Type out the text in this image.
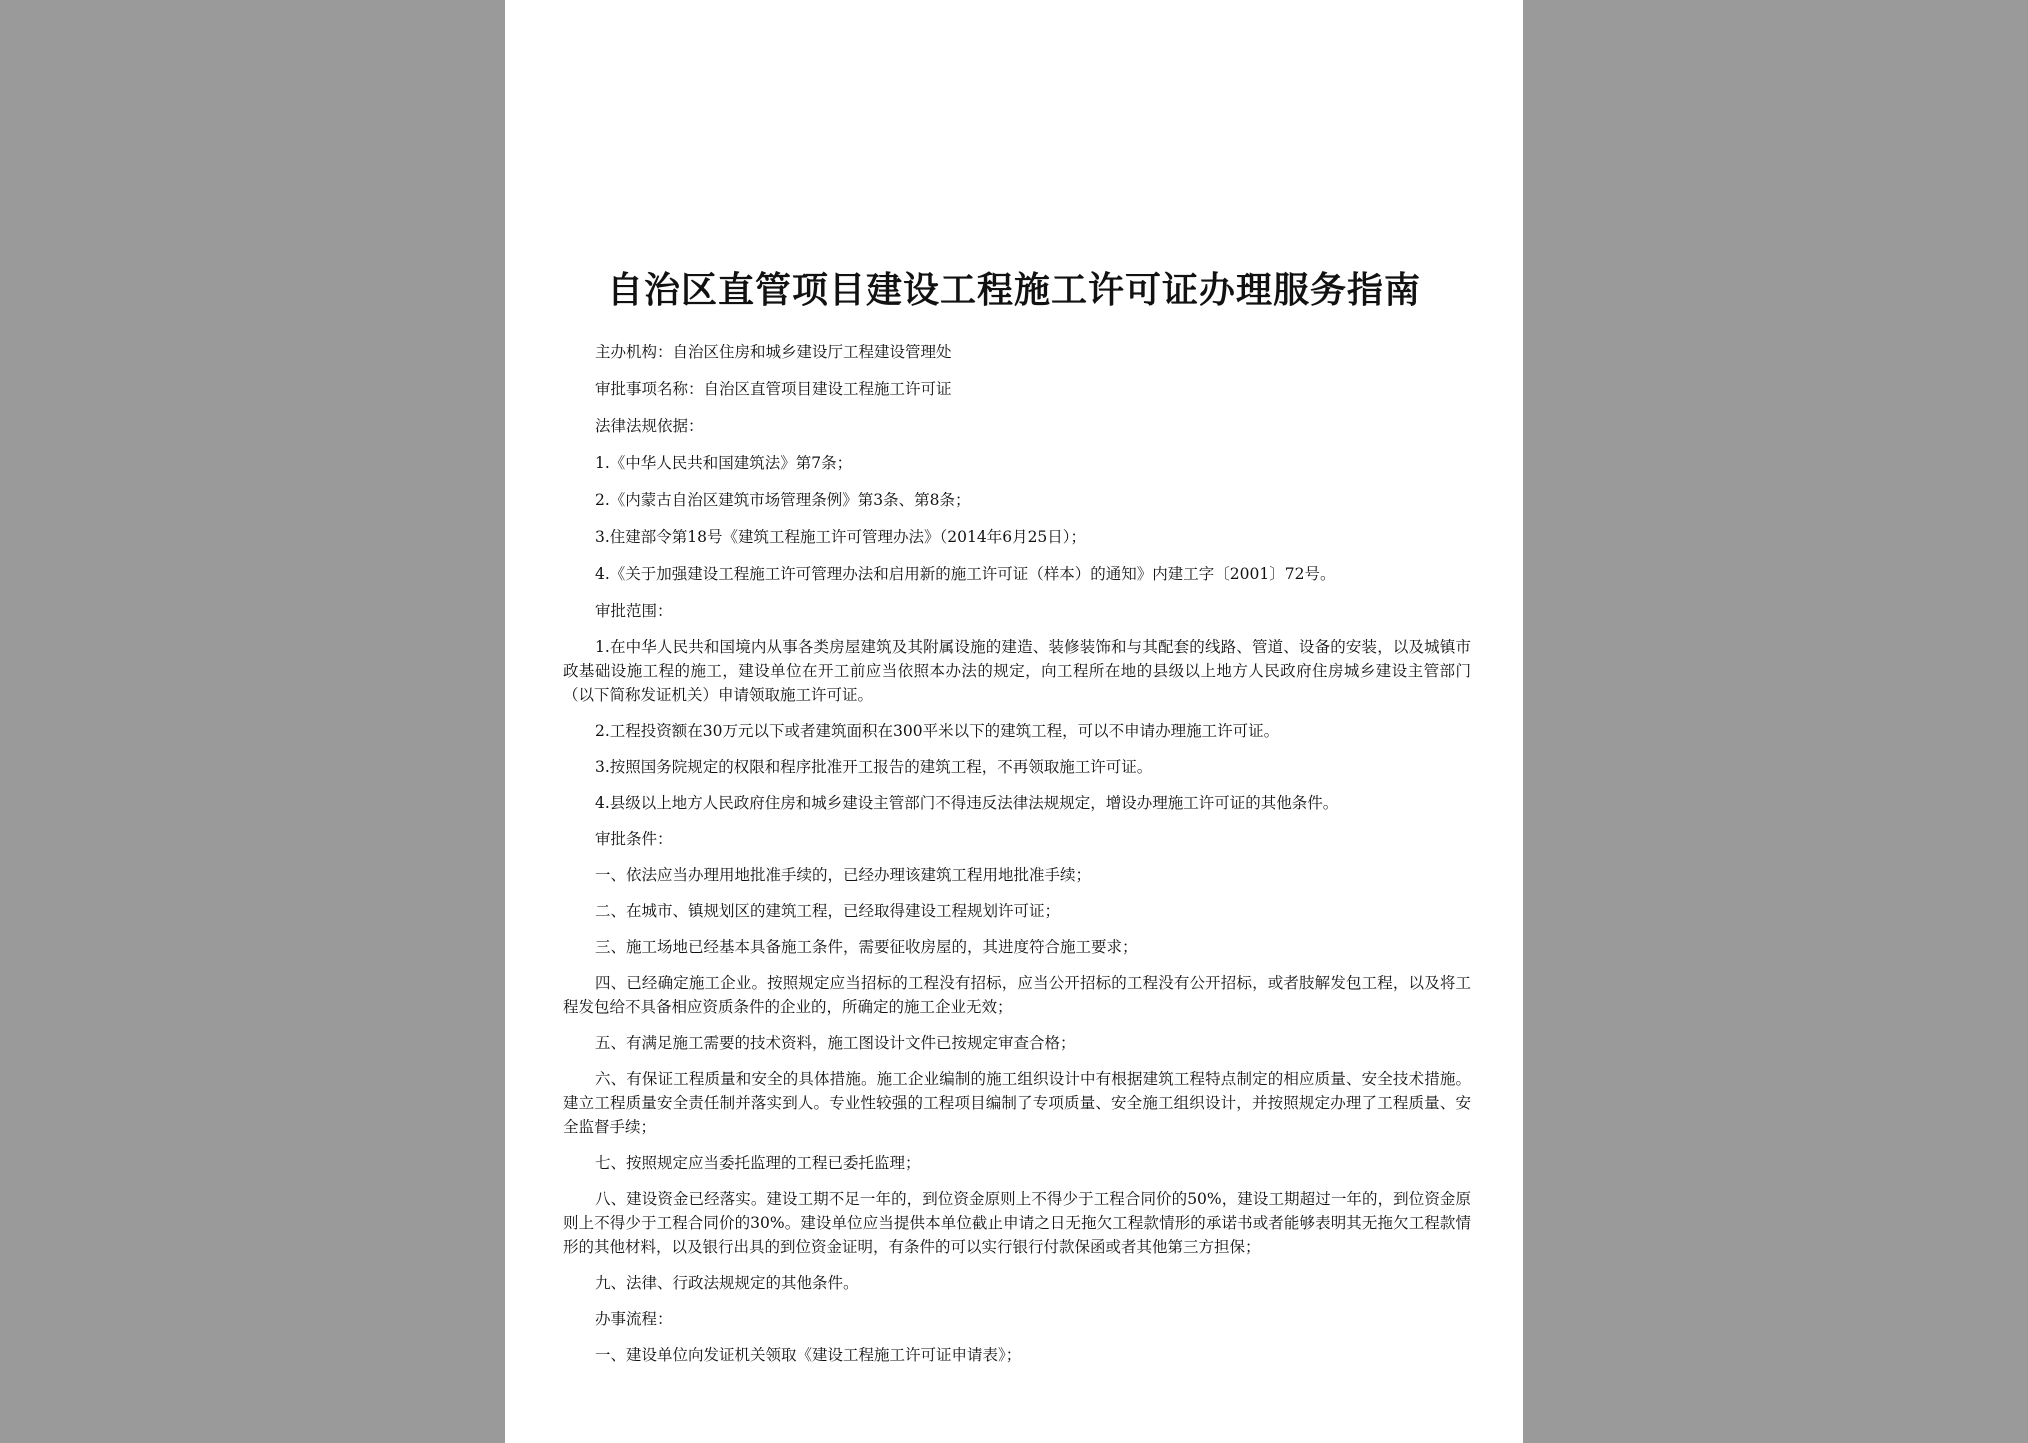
自治区直管项目建设工程施工许可证办理服务指南

主办机构：自治区住房和城乡建设厅工程建设管理处

审批事项名称：自治区直管项目建设工程施工许可证

法律法规依据：

1.《中华人民共和国建筑法》第7条；

2.《内蒙古自治区建筑市场管理条例》第3条、第8条；

3.住建部令第18号《建筑工程施工许可管理办法》（2014年6月25日）；

4.《关于加强建设工程施工许可管理办法和启用新的施工许可证（样本）的通知》内建工字〔2001〕72号。

审批范围：

1.在中华人民共和国境内从事各类房屋建筑及其附属设施的建造、装修装饰和与其配套的线路、管道、设备的安装，以及城镇市政基础设施工程的施工，建设单位在开工前应当依照本办法的规定，向工程所在地的县级以上地方人民政府住房城乡建设主管部门（以下简称发证机关）申请领取施工许可证。

2.工程投资额在30万元以下或者建筑面积在300平米以下的建筑工程，可以不申请办理施工许可证。

3.按照国务院规定的权限和程序批准开工报告的建筑工程，不再领取施工许可证。

4.县级以上地方人民政府住房和城乡建设主管部门不得违反法律法规规定，增设办理施工许可证的其他条件。

审批条件：

一、依法应当办理用地批准手续的，已经办理该建筑工程用地批准手续；

二、在城市、镇规划区的建筑工程，已经取得建设工程规划许可证；

三、施工场地已经基本具备施工条件，需要征收房屋的，其进度符合施工要求；

四、已经确定施工企业。按照规定应当招标的工程没有招标，应当公开招标的工程没有公开招标，或者肢解发包工程，以及将工程发包给不具备相应资质条件的企业的，所确定的施工企业无效；

五、有满足施工需要的技术资料，施工图设计文件已按规定审查合格；

六、有保证工程质量和安全的具体措施。施工企业编制的施工组织设计中有根据建筑工程特点制定的相应质量、安全技术措施。建立工程质量安全责任制并落实到人。专业性较强的工程项目编制了专项质量、安全施工组织设计，并按照规定办理了工程质量、安全监督手续；

七、按照规定应当委托监理的工程已委托监理；

八、建设资金已经落实。建设工期不足一年的，到位资金原则上不得少于工程合同价的50%，建设工期超过一年的，到位资金原则上不得少于工程合同价的30%。建设单位应当提供本单位截止申请之日无拖欠工程款情形的承诺书或者能够表明其无拖欠工程款情形的其他材料，以及银行出具的到位资金证明，有条件的可以实行银行付款保函或者其他第三方担保；

九、法律、行政法规规定的其他条件。

办事流程：

一、建设单位向发证机关领取《建设工程施工许可证申请表》；
